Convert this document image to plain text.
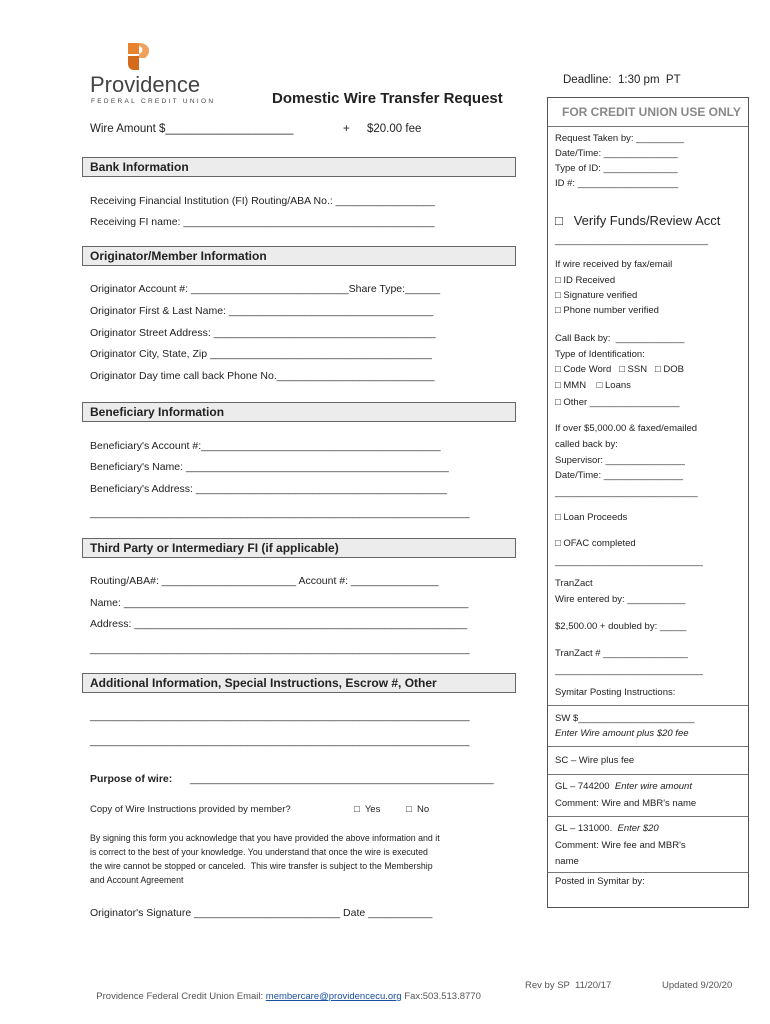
Providence
FEDERAL CREDIT UNION
Deadline:  1:30 pm  PT
Domestic Wire Transfer Request
Wire Amount $____________________	+ $20.00 fee
Bank Information
Receiving Financial Institution (FI) Routing/ABA No.: _________________
Receiving FI name: ___________________________________________
Originator/Member Information
Originator Account #: ___________________________Share Type:______
Originator First & Last Name: ___________________________________
Originator Street Address: ______________________________________
Originator City, State, Zip ______________________________________
Originator Day time call back Phone No.___________________________
Beneficiary Information
Beneficiary's Account #:_________________________________________
Beneficiary's Name: _____________________________________________
Beneficiary's Address: ___________________________________________
_________________________________________________________________
Third Party or Intermediary FI (if applicable)
Routing/ABA#: _______________________ Account #: _______________
Name: ___________________________________________________________
Address: _________________________________________________________
_________________________________________________________________
Additional Information, Special Instructions, Escrow #, Other
_________________________________________________________________
_________________________________________________________________
Purpose of wire: ____________________________________________________
Copy of Wire Instructions provided by member?	□  Yes	□  No
By signing this form you acknowledge that you have provided the above information and it
is correct to the best of your knowledge. You understand that once the wire is executed
the wire cannot be stopped or canceled.  This wire transfer is subject to the Membership
and Account Agreement
Originator's Signature _________________________ Date ___________
FOR CREDIT UNION USE ONLY
Request Taken by: _________
Date/Time: ______________
Type of ID: ______________
ID #: ___________________
□   Verify Funds/Review Acct
_____________________________
If wire received by fax/email
□ ID Received
□ Signature verified
□ Phone number verified
Call Back by:  _____________
Type of Identification:
□ Code Word   □ SSN   □ DOB
□ MMN    □ Loans
□ Other _________________
If over $5,000.00 & faxed/emailed
called back by:
Supervisor: _______________
Date/Time: _______________
___________________________
□ Loan Proceeds
□ OFAC completed
____________________________
TranZact
Wire entered by: ___________
$2,500.00 + doubled by: _____
TranZact # ________________
____________________________
Symitar Posting Instructions:
SW $______________________
Enter Wire amount plus $20 fee
SC – Wire plus fee
GL – 744200  Enter wire amount
Comment: Wire and MBR's name
GL – 131000.  Enter $20
Comment: Wire fee and MBR's
name
Posted in Symitar by:

Providence Federal Credit Union Email: membercare@providencecu.org Fax:503.513.8770

Rev by SP  11/20/17	Updated 9/20/20
